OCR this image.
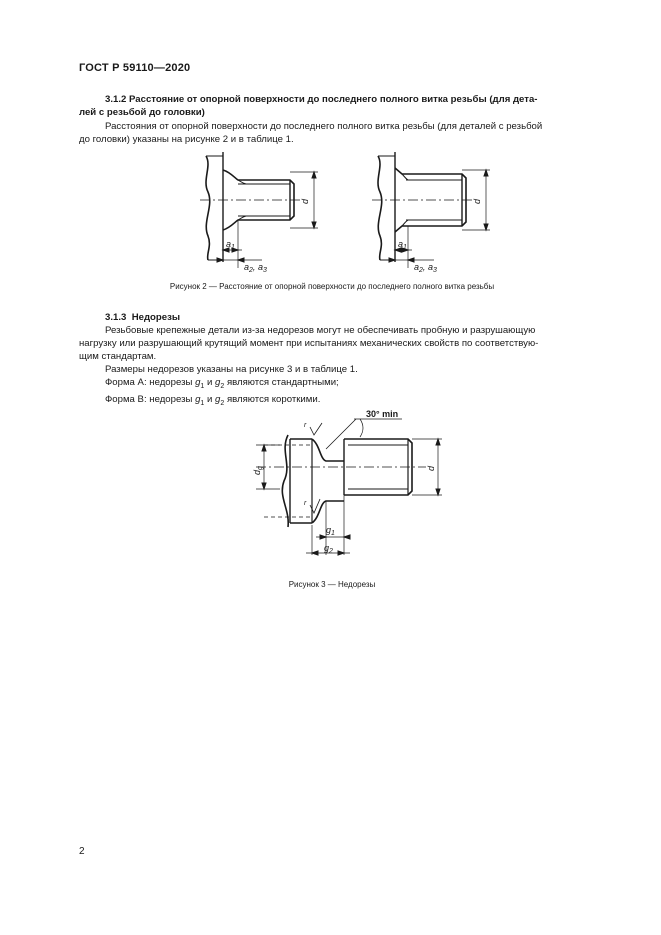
ГОСТ Р 59110—2020
3.1.2 Расстояние от опорной поверхности до последнего полного витка резьбы (для дета-
лей с резьбой до головки)
Расстояния от опорной поверхности до последнего полного витка резьбы (для деталей с резьбой
до головки) указаны на рисунке 2 и в таблице 1.
d	d
$a_1$
$a_2$, $a_3$
$a_1$
$a_2$, $a_3$
Рисунок 2 — Расстояние от опорной поверхности до последнего полного витка резьбы
3.1.3 Недорезы
Резьбовые крепежные детали из-за недорезов могут не обеспечивать пробную и разрушающую
нагрузку или разрушающий крутящий момент при испытаниях механических свойств по соответствую-
щим стандартам.
Размеры недорезов указаны на рисунке 3 и в таблице 1.
Форма А: недорезы $g_1$ и $g_2$ являются стандартными;
Форма В: недорезы $g_1$ и $g_2$ являются короткими.
30° min
d
$d_g$
$g_1$
$g_2$
r
r
Рисунок 3 — Недорезы
2
